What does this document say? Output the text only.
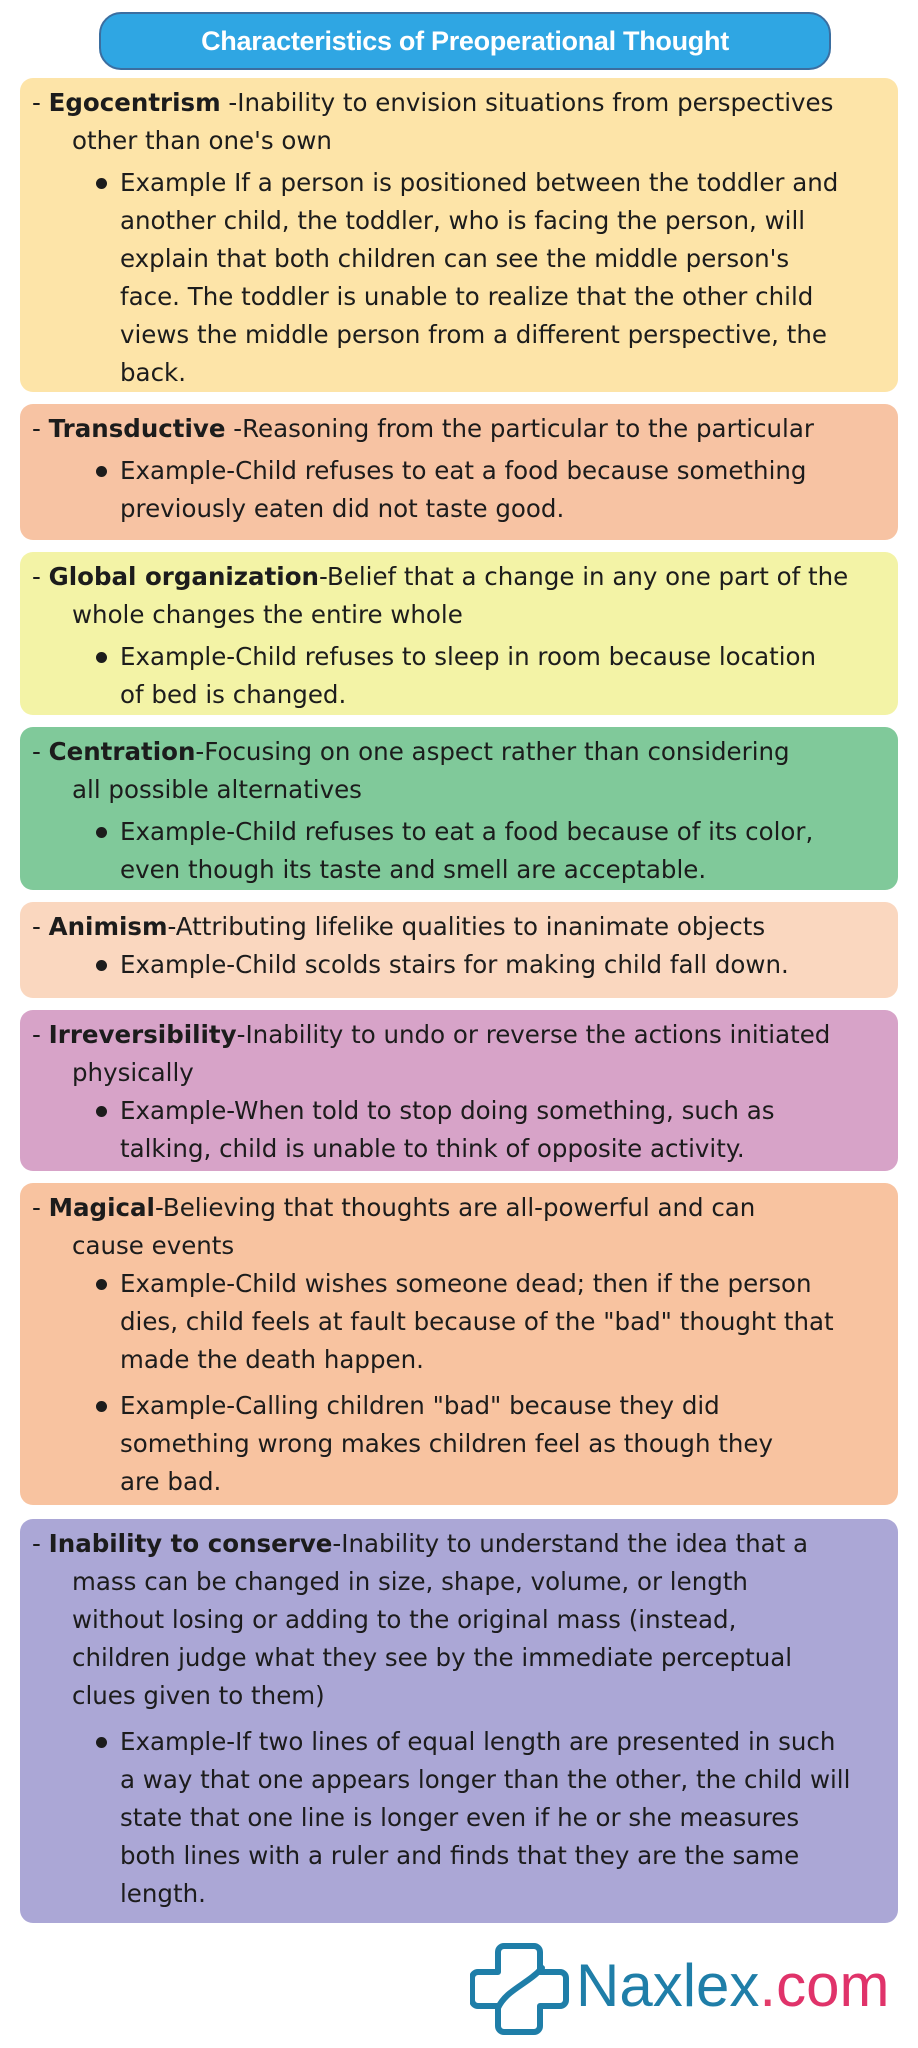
Characteristics of Preoperational Thought
- Egocentrism -Inability to envision situations from perspectives
other than one's own
Example If a person is positioned between the toddler and
another child, the toddler, who is facing the person, will
explain that both children can see the middle person's
face. The toddler is unable to realize that the other child
views the middle person from a different perspective, the
back.
- Transductive -Reasoning from the particular to the particular
Example-Child refuses to eat a food because something
previously eaten did not taste good.
- Global organization-Belief that a change in any one part of the
whole changes the entire whole
Example-Child refuses to sleep in room because location
of bed is changed.
- Centration-Focusing on one aspect rather than considering
all possible alternatives
Example-Child refuses to eat a food because of its color,
even though its taste and smell are acceptable.
- Animism-Attributing lifelike qualities to inanimate objects
Example-Child scolds stairs for making child fall down.
- Irreversibility-Inability to undo or reverse the actions initiated
physically
Example-When told to stop doing something, such as
talking, child is unable to think of opposite activity.
- Magical-Believing that thoughts are all-powerful and can
cause events
Example-Child wishes someone dead; then if the person
dies, child feels at fault because of the "bad" thought that
made the death happen.
Example-Calling children "bad" because they did
something wrong makes children feel as though they
are bad.
- Inability to conserve-Inability to understand the idea that a
mass can be changed in size, shape, volume, or length
without losing or adding to the original mass (instead,
children judge what they see by the immediate perceptual
clues given to them)
Example-If two lines of equal length are presented in such
a way that one appears longer than the other, the child will
state that one line is longer even if he or she measures
both lines with a ruler and finds that they are the same
length.
Naxlex.com
